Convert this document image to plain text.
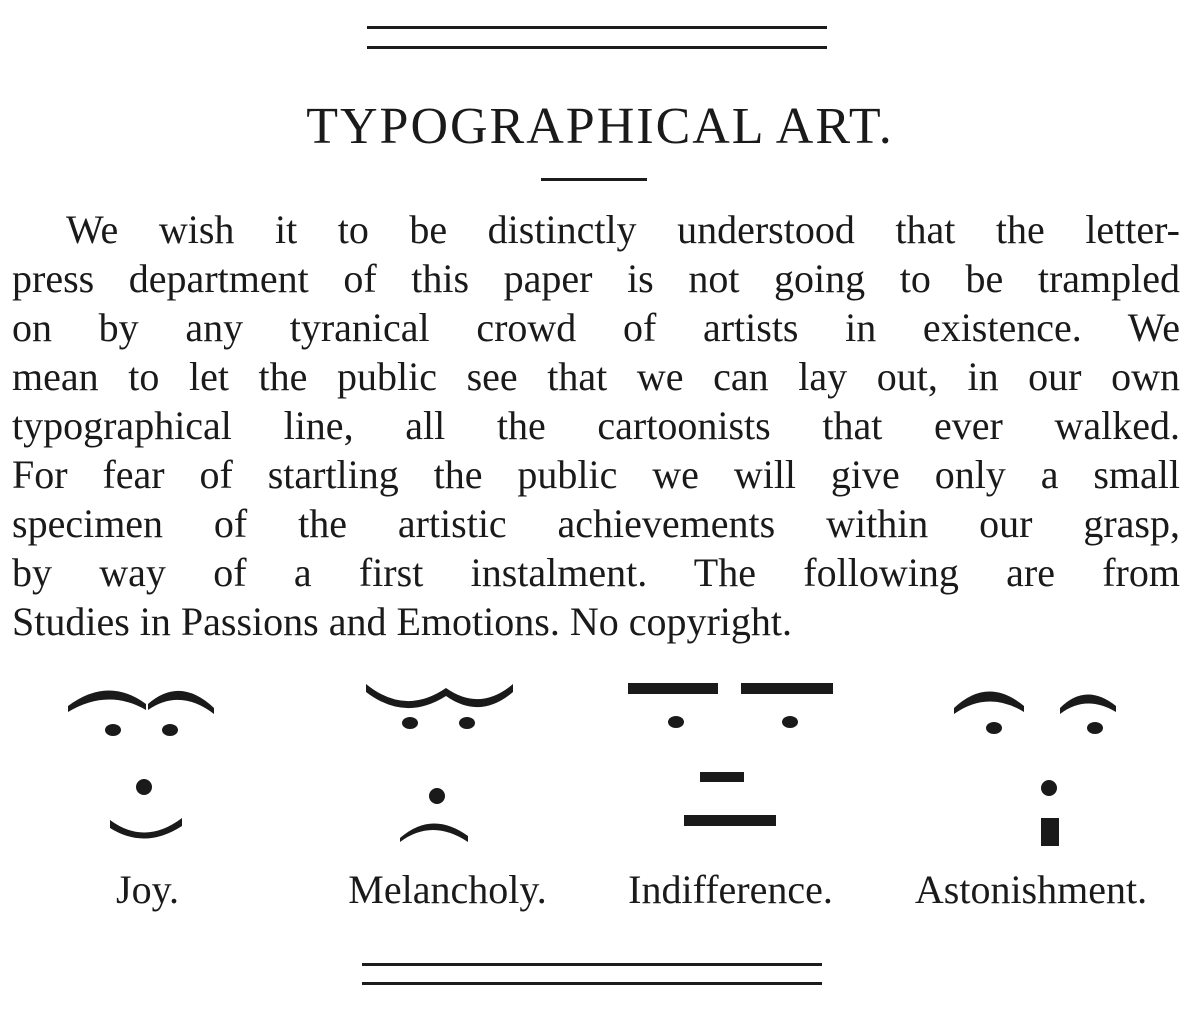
TYPOGRAPHICAL ART.
We wish it to be distinctly understood that the letter-
press department of this paper is not going to be trampled
on by any tyranical crowd of artists in existence. We
mean to let the public see that we can lay out, in our own
typographical line, all the cartoonists that ever walked.
For fear of startling the public we will give only a small
specimen of the artistic achievements within our grasp,
by way of a first instalment. The following are from
Studies in Passions and Emotions. No copyright.
Joy.	Melancholy.	Indifference.	Astonishment.
